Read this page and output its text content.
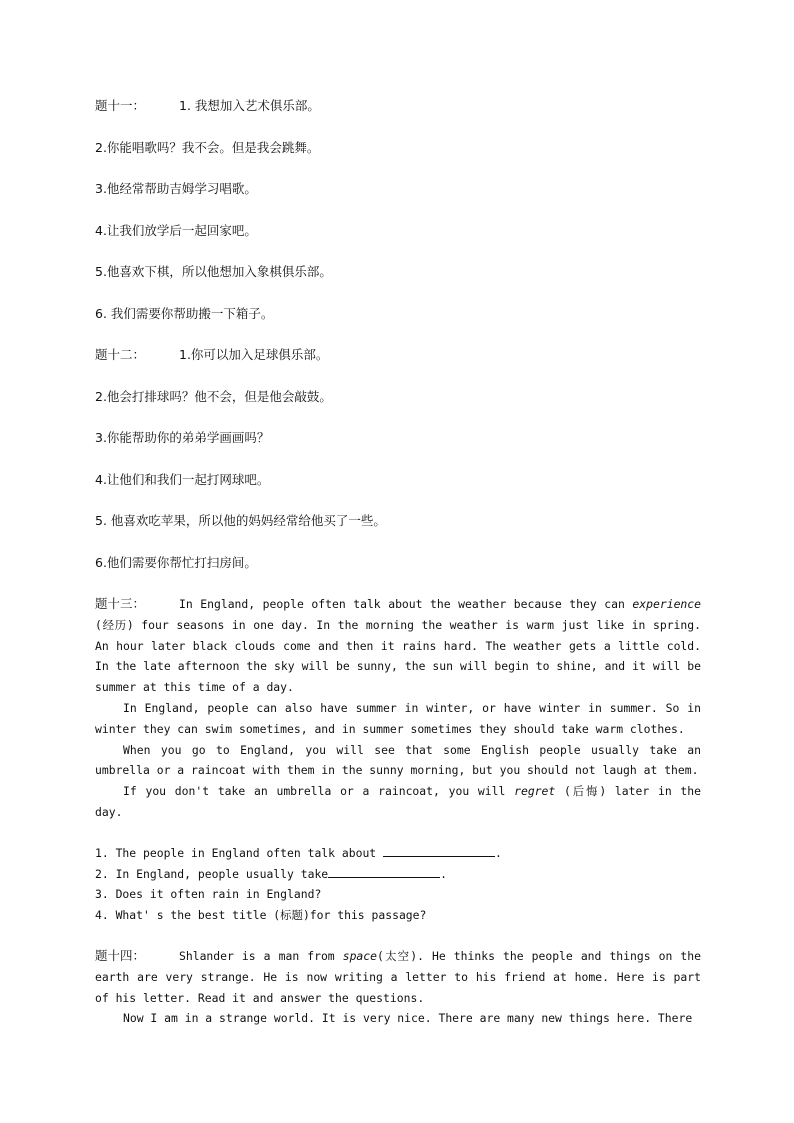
题十一：	1. 我想加入艺术俱乐部。
2.你能唱歌吗？我不会。但是我会跳舞。
3.他经常帮助吉姆学习唱歌。
4.让我们放学后一起回家吧。
5.他喜欢下棋，所以他想加入象棋俱乐部。
6. 我们需要你帮助搬一下箱子。
题十二：	1.你可以加入足球俱乐部。
2.他会打排球吗？他不会，但是他会敲鼓。
3.你能帮助你的弟弟学画画吗？
4.让他们和我们一起打网球吧。
5. 他喜欢吃苹果，所以他的妈妈经常给他买了一些。
6.他们需要你帮忙打扫房间。

题十三：	In England, people often talk about the weather because they can experience (经历) four seasons in one day. In the morning the weather is warm just like in spring. An hour later black clouds come and then it rains hard. The weather gets a little cold. In the late afternoon the sky will be sunny, the sun will begin to shine, and it will be summer at this time of a day.

In England, people can also have summer in winter, or have winter in summer. So in winter they can swim sometimes, and in summer sometimes they should take warm clothes.

When you go to England, you will see that some English people usually take an umbrella or a raincoat with them in the sunny morning, but you should not laugh at them.

If you don't take an umbrella or a raincoat, you will regret (后悔) later in the day.

1. The people in England often talk about	.
2. In England, people usually take	.
3. Does it often rain in England?
4. What' s the best title (标题)for this passage?

题十四：	Shlander is a man from space(太空). He thinks the people and things on the earth are very strange. He is now writing a letter to his friend at home. Here is part of his letter. Read it and answer the questions.

Now I am in a strange world. It is very nice. There are many new things here. There
